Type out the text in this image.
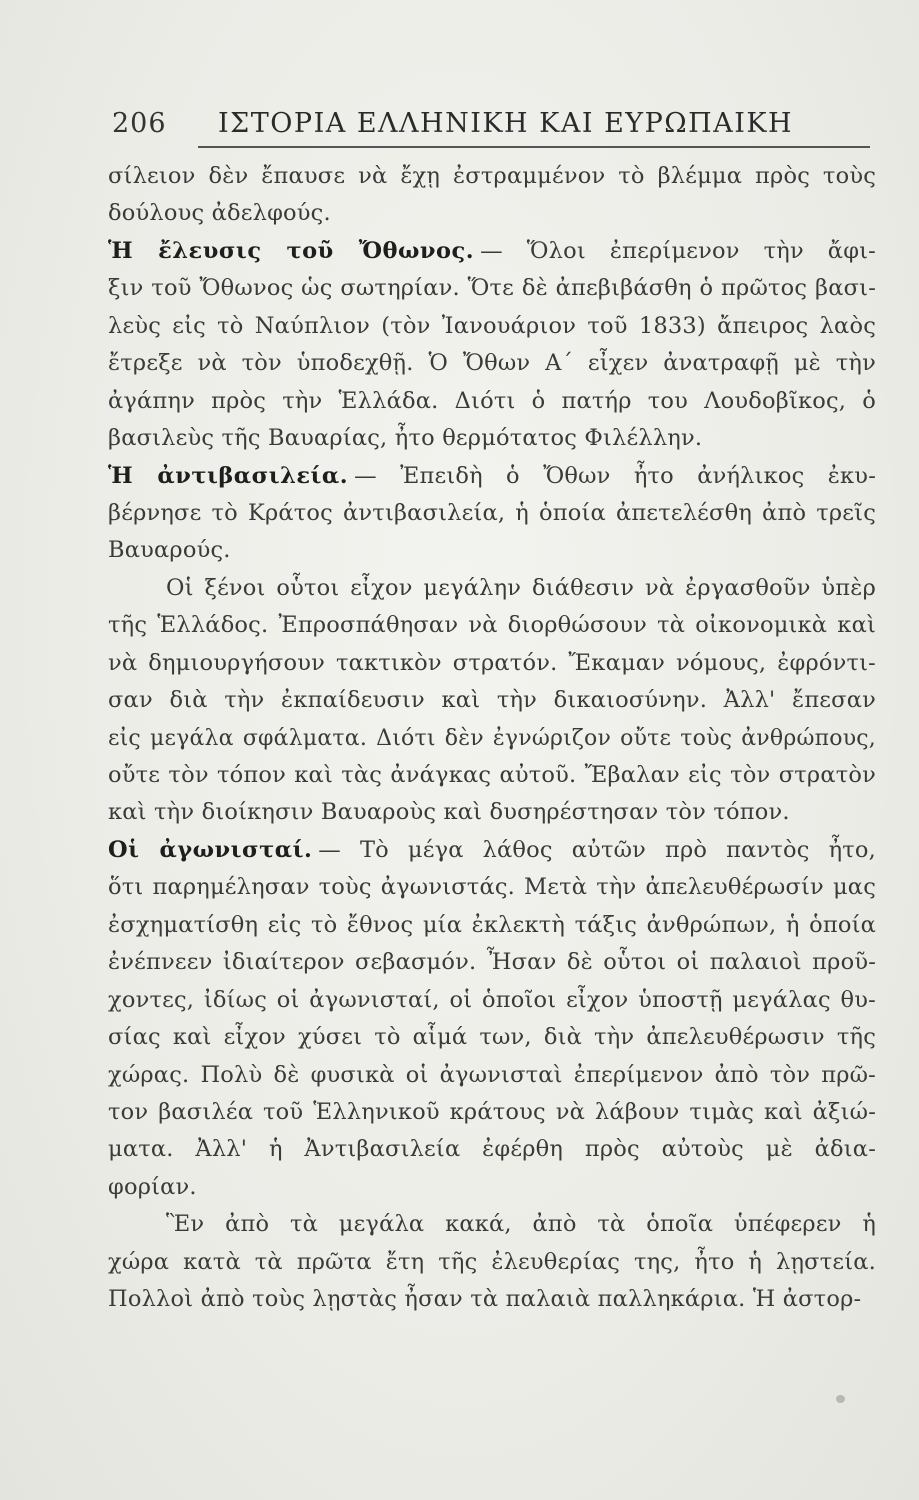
206 ΙΣΤΟΡΙΑ ΕΛΛΗΝΙΚΗ ΚΑΙ ΕΥΡΩΠΑΙΚΗ
σίλειον δὲν ἔπαυσε νὰ ἔχῃ ἐστραμμένον τὸ βλέμμα πρὸς τοὺς
δούλους ἀδελφούς.
Ἡ ἔλευσις τοῦ Ὄθωνος. — Ὅλοι ἐπερίμενον τὴν ἄφι-
ξιν τοῦ Ὄθωνος ὡς σωτηρίαν. Ὅτε δὲ ἀπεβιβάσθη ὁ πρῶτος βασι-
λεὺς εἰς τὸ Ναύπλιον (τὸν Ἰανουάριον τοῦ 1833) ἄπειρος λαὸς
ἔτρεξε νὰ τὸν ὑποδεχθῇ. Ὁ Ὄθων Α΄ εἶχεν ἀνατραφῇ μὲ τὴν
ἀγάπην πρὸς τὴν Ἑλλάδα. Διότι ὁ πατήρ του Λουδοβῖκος, ὁ
βασιλεὺς τῆς Βαυαρίας, ἦτο θερμότατος Φιλέλλην.
Ἡ ἀντιβασιλεία. — Ἐπειδὴ ὁ Ὄθων ἦτο ἀνήλικος ἐκυ-
βέρνησε τὸ Κράτος ἀντιβασιλεία, ἡ ὁποία ἀπετελέσθη ἀπὸ τρεῖς
Βαυαρούς.
Οἱ ξένοι οὗτοι εἶχον μεγάλην διάθεσιν νὰ ἐργασθοῦν ὑπὲρ
τῆς Ἑλλάδος. Ἐπροσπάθησαν νὰ διορθώσουν τὰ οἰκονομικὰ καὶ
νὰ δημιουργήσουν τακτικὸν στρατόν. Ἔκαμαν νόμους, ἐφρόντι-
σαν διὰ τὴν ἐκπαίδευσιν καὶ τὴν δικαιοσύνην. Ἀλλ' ἔπεσαν
εἰς μεγάλα σφάλματα. Διότι δὲν ἐγνώριζον οὔτε τοὺς ἀνθρώπους,
οὔτε τὸν τόπον καὶ τὰς ἀνάγκας αὐτοῦ. Ἔβαλαν εἰς τὸν στρατὸν
καὶ τὴν διοίκησιν Βαυαροὺς καὶ δυσηρέστησαν τὸν τόπον.
Οἱ ἀγωνισταί. — Τὸ μέγα λάθος αὐτῶν πρὸ παντὸς ἦτο,
ὅτι παρημέλησαν τοὺς ἀγωνιστάς. Μετὰ τὴν ἀπελευθέρωσίν μας
ἐσχηματίσθη εἰς τὸ ἔθνος μία ἐκλεκτὴ τάξις ἀνθρώπων, ἡ ὁποία
ἐνέπνεεν ἰδιαίτερον σεβασμόν. Ἦσαν δὲ οὗτοι οἱ παλαιοὶ προῦ-
χοντες, ἰδίως οἱ ἀγωνισταί, οἱ ὁποῖοι εἶχον ὑποστῇ μεγάλας θυ-
σίας καὶ εἶχον χύσει τὸ αἷμά των, διὰ τὴν ἀπελευθέρωσιν τῆς
χώρας. Πολὺ δὲ φυσικὰ οἱ ἀγωνισταὶ ἐπερίμενον ἀπὸ τὸν πρῶ-
τον βασιλέα τοῦ Ἑλληνικοῦ κράτους νὰ λάβουν τιμὰς καὶ ἀξιώ-
ματα. Ἀλλ' ἡ Ἀντιβασιλεία ἐφέρθη πρὸς αὐτοὺς μὲ ἀδια-
φορίαν.
Ἓν ἀπὸ τὰ μεγάλα κακά, ἀπὸ τὰ ὁποῖα ὑπέφερεν ἡ
χώρα κατὰ τὰ πρῶτα ἔτη τῆς ἐλευθερίας της, ἦτο ἡ λῃστεία.
Πολλοὶ ἀπὸ τοὺς λῃστὰς ἦσαν τὰ παλαιὰ παλληκάρια. Ἡ ἀστορ-
